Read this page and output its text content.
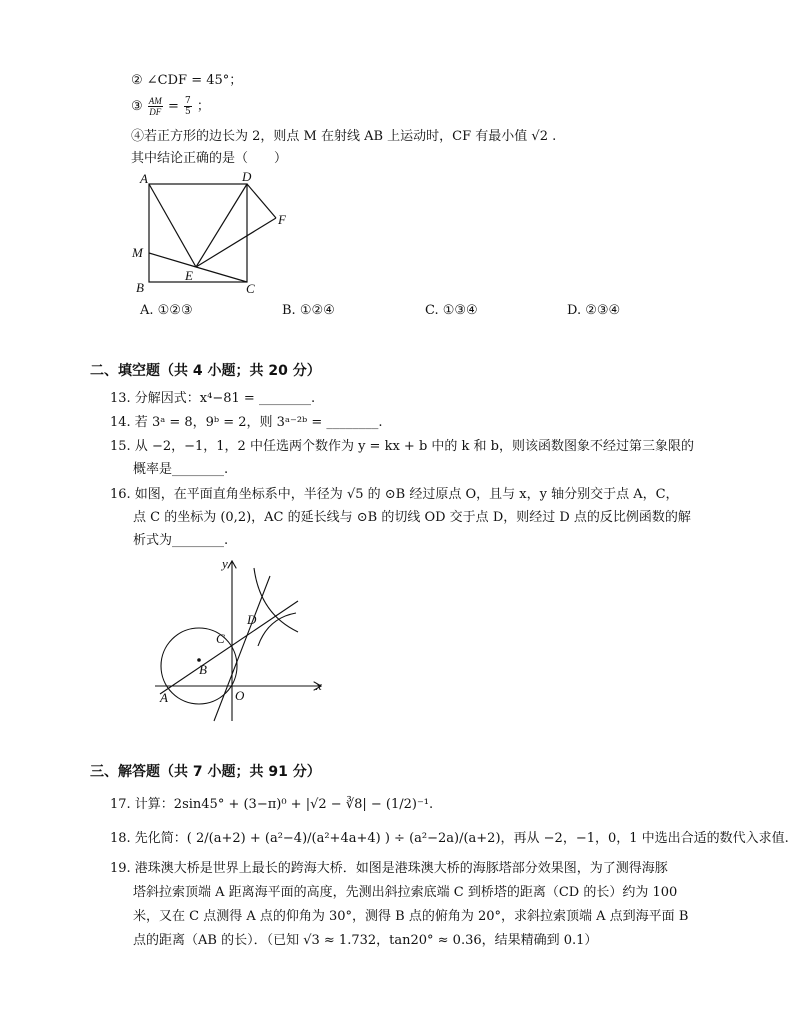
② ∠CDF = 45°；
③ $\frac{AM}{DF} = \frac{7}{5}$ ；
④若正方形的边长为 2，则点 M 在射线 AB 上运动时，CF 有最小值 √2 .
其中结论正确的是（　　）
A	D
F
M
E
B	C
A. ①②③	B. ①②④	C. ①③④	D. ②③④
二、填空题（共 4 小题；共 20 分）
13. 分解因式：x⁴−81 = ________.
14. 若 3ᵃ = 8，9ᵇ = 2，则 3ᵃ⁻²ᵇ = ________.
15. 从 −2，−1，1，2 中任选两个数作为 y = kx + b 中的 k 和 b，则该函数图象不经过第三象限的
概率是________.
16. 如图，在平面直角坐标系中，半径为 √5 的 ⊙B 经过原点 O，且与 x，y 轴分别交于点 A，C，
点 C 的坐标为 (0,2)，AC 的延长线与 ⊙B 的切线 OD 交于点 D，则经过 D 点的反比例函数的解
析式为________.
y
x
D
C
B
A	O
三、解答题（共 7 小题；共 91 分）
17. 计算：2sin45° + (3−π)⁰ + |√2 − ∛8| − (1/2)⁻¹.
18. 先化简：( 2/(a+2) + (a²−4)/(a²+4a+4) ) ÷ (a²−2a)/(a+2)，再从 −2，−1，0，1 中选出合适的数代入求值.
19. 港珠澳大桥是世界上最长的跨海大桥．如图是港珠澳大桥的海豚塔部分效果图，为了测得海豚
塔斜拉索顶端 A 距离海平面的高度，先测出斜拉索底端 C 到桥塔的距离（CD 的长）约为 100
米，又在 C 点测得 A 点的仰角为 30°，测得 B 点的俯角为 20°，求斜拉索顶端 A 点到海平面 B
点的距离（AB 的长）．（已知 √3 ≈ 1.732，tan20° ≈ 0.36，结果精确到 0.1）
